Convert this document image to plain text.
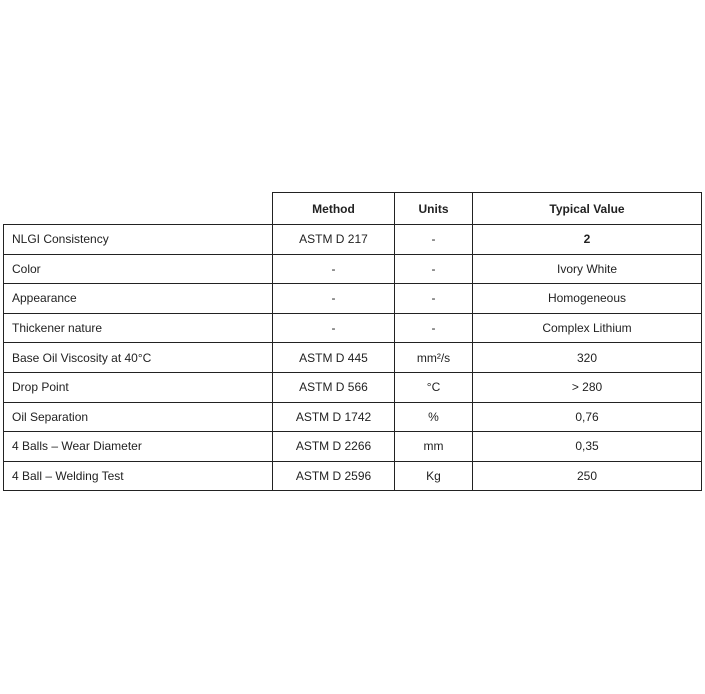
	Method	Units	Typical Value
NLGI Consistency	ASTM D 217	-	2
Color	-	-	Ivory White
Appearance	-	-	Homogeneous
Thickener nature	-	-	Complex Lithium
Base Oil Viscosity at 40°C	ASTM D 445	mm²/s	320
Drop Point	ASTM D 566	°C	> 280
Oil Separation	ASTM D 1742	%	0,76
4 Balls – Wear Diameter	ASTM D 2266	mm	0,35
4 Ball – Welding Test	ASTM D 2596	Kg	250
